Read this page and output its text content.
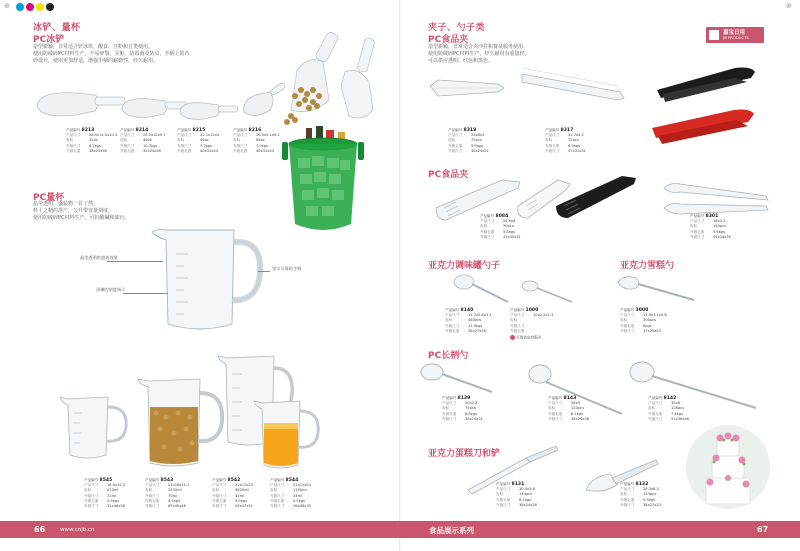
⊕
冰铲、量杯
PC冰铲
造型新颖，非常适合铲冰块、酸食、豆粉和豆类使用。
使用防破碎PC材料生产，不易碎裂、弄脏、防霉菌及防虫，手柄上的凸
砂设计，使用更加舒适，增强手柄的耐磨性，经久耐用。
产品编号 8213
产品尺寸	28.5x14.5x10.5
容积	32oz
外箱尺寸	6.7kgs
外箱毛重	38x25x56
产品编号 8214
产品尺寸	23.1x12x9.1
容积	46oz
外箱尺寸	10.7kgs
外箱毛重	32x24x46
产品编号 8215
产品尺寸	22.1x12x9
容积	46oz
外箱尺寸	7.7kgs
外箱毛重	40x31x44
产品编号 8216
产品尺寸	26.5x9.1x9.1
容积	64oz
外箱尺寸	7.0kgs
外箱毛重	40x31x44
PC量杯
晶莹透明，盛装物一目了然。
杯上之精的准产，公升带容量刻度。
使用防破碎PC材料生产，可抗酸碱和油污。
晶莹透明的盛视效果
清晰的刻度指示
坚实可靠的手柄
产品编号 8545
产品尺寸	16.5x12.5
容积	470ml
外箱尺寸	72ml
外箱毛重	5.9kgs
外箱尺寸	52x46x38
产品编号 8543
产品尺寸	21x18x21.5
容积	2450ml
外箱尺寸	72ml
外箱毛重	4.5kgs
外箱尺寸	67x45x46
产品编号 8542
产品尺寸	21x12x24
容积	3620ml
外箱尺寸	32ml
外箱毛重	5.9kgs
外箱尺寸	54x47x51
产品编号 8544
产品尺寸	21x12x24
容积	1150ml
外箱尺寸	24ml
外箱毛重	5.5kgs
外箱尺寸	26x46x35
⊕
夹子、勺子类
PC食品夹
造型新颖，非常适合夹沙拉和餐桌服务使用。
使用防破碎PC材料生产，经久耐用有重量轻。
可以供应透明、红色和黑色。
嘉宝日用
JB PRODUCTS
产品编号 8318
产品尺寸	23x6x5
容积	75pcs
外箱毛重	5.9kgs
外箱尺寸	38x24x21
产品编号 8317
产品尺寸	31.7x4.2
容积	72pcs
外箱毛重	6.9kgs
外箱尺寸	47x31x31
PC食品夹
产品编号 8084
产品尺寸	26.6x6
容积	90pcs
外箱毛重	5.8kgs
外箱尺寸	42x32x31
产品编号 8301
产品尺寸	16x3.2
容积	144pcs
外箱毛重	5.6kgs
外箱尺寸	44x34x35
亚克力调味罐勺子	亚克力雪糕勺
产品编号 8140
产品尺寸	11.7x2.8x1.4
容积	480pcs
外箱尺寸	12.4kgs
外箱毛重	38x27x26
产品编号 1000
产品尺寸	10x2.2x1.3
容积
外箱尺寸
外箱毛重
可提供定制服务
产品编号 3000
产品尺寸	11.9x3.1x0.8
容积	300pcs
外箱毛重	6kgs
外箱尺寸	37x25x23
PC长柄勺
产品编号 8139
产品尺寸	20x2.5
容积	75pcs
外箱毛重	6.8kgs
外箱尺寸	38x25x31
产品编号 8143
产品尺寸	28x9
容积	120pcs
外箱毛重	8.1kgs
外箱尺寸	38x26x36
产品编号 8142
产品尺寸	35x8
容积	128pcs
外箱毛重	7.4kgs
外箱尺寸	51x36x46
亚克力蛋糕刀和铲
产品编号 8131
产品尺寸	30.4x3.6
容积	144pcs
外箱毛重	6.1kgs
外箱尺寸	38x24x26
产品编号 8132
产品尺寸	28.3x6.3
容积	144pcs
外箱毛重	5.9kgs
外箱尺寸	38x27x22
66	www.cnjb.cn	食品展示系列	67
